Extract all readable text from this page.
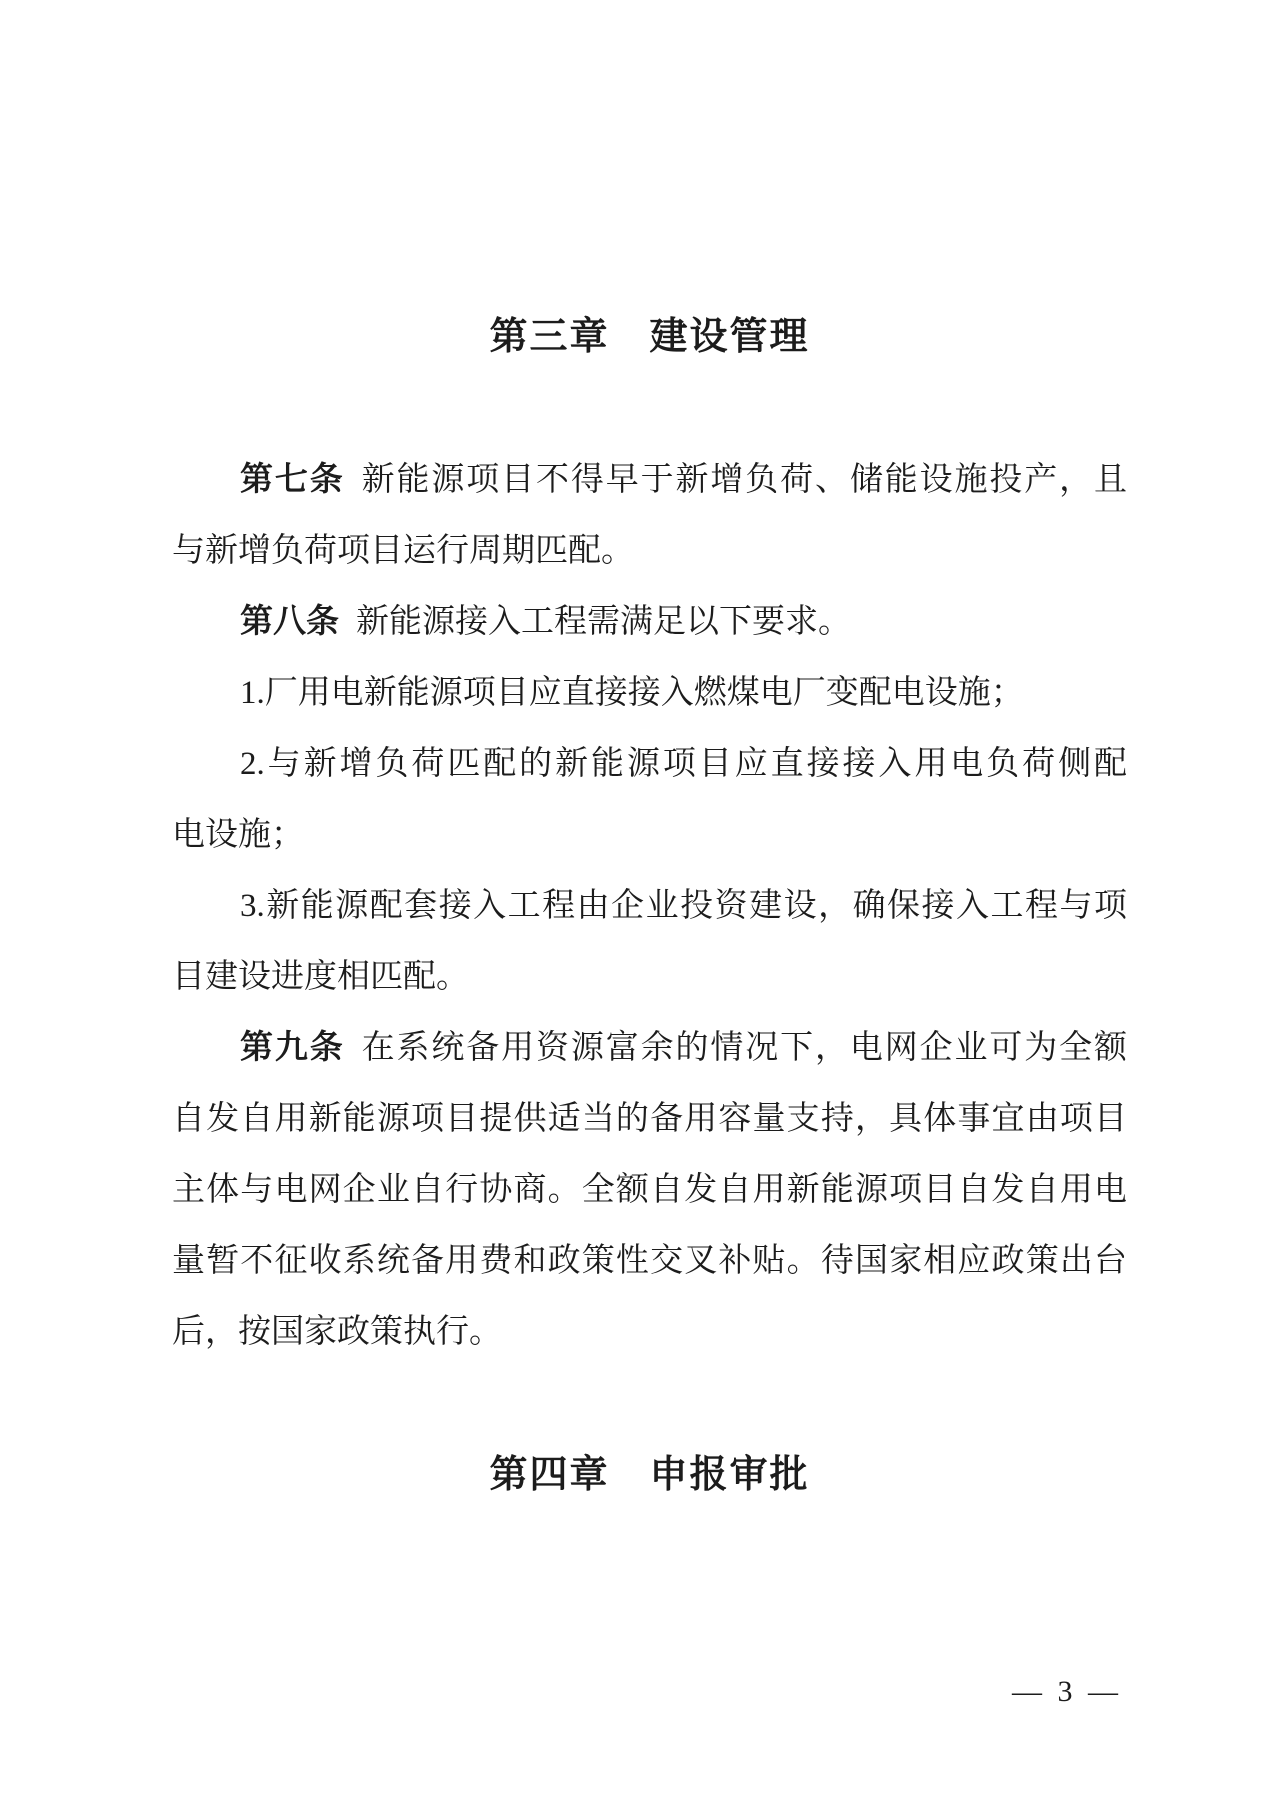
第三章　建设管理
第七条 新能源项目不得早于新增负荷、储能设施投产，且
与新增负荷项目运行周期匹配。
第八条 新能源接入工程需满足以下要求。
1.厂用电新能源项目应直接接入燃煤电厂变配电设施；
2.与新增负荷匹配的新能源项目应直接接入用电负荷侧配
电设施；
3.新能源配套接入工程由企业投资建设，确保接入工程与项
目建设进度相匹配。
第九条 在系统备用资源富余的情况下，电网企业可为全额
自发自用新能源项目提供适当的备用容量支持，具体事宜由项目
主体与电网企业自行协商。全额自发自用新能源项目自发自用电
量暂不征收系统备用费和政策性交叉补贴。待国家相应政策出台
后，按国家政策执行。
第四章　申报审批
— 3 —
